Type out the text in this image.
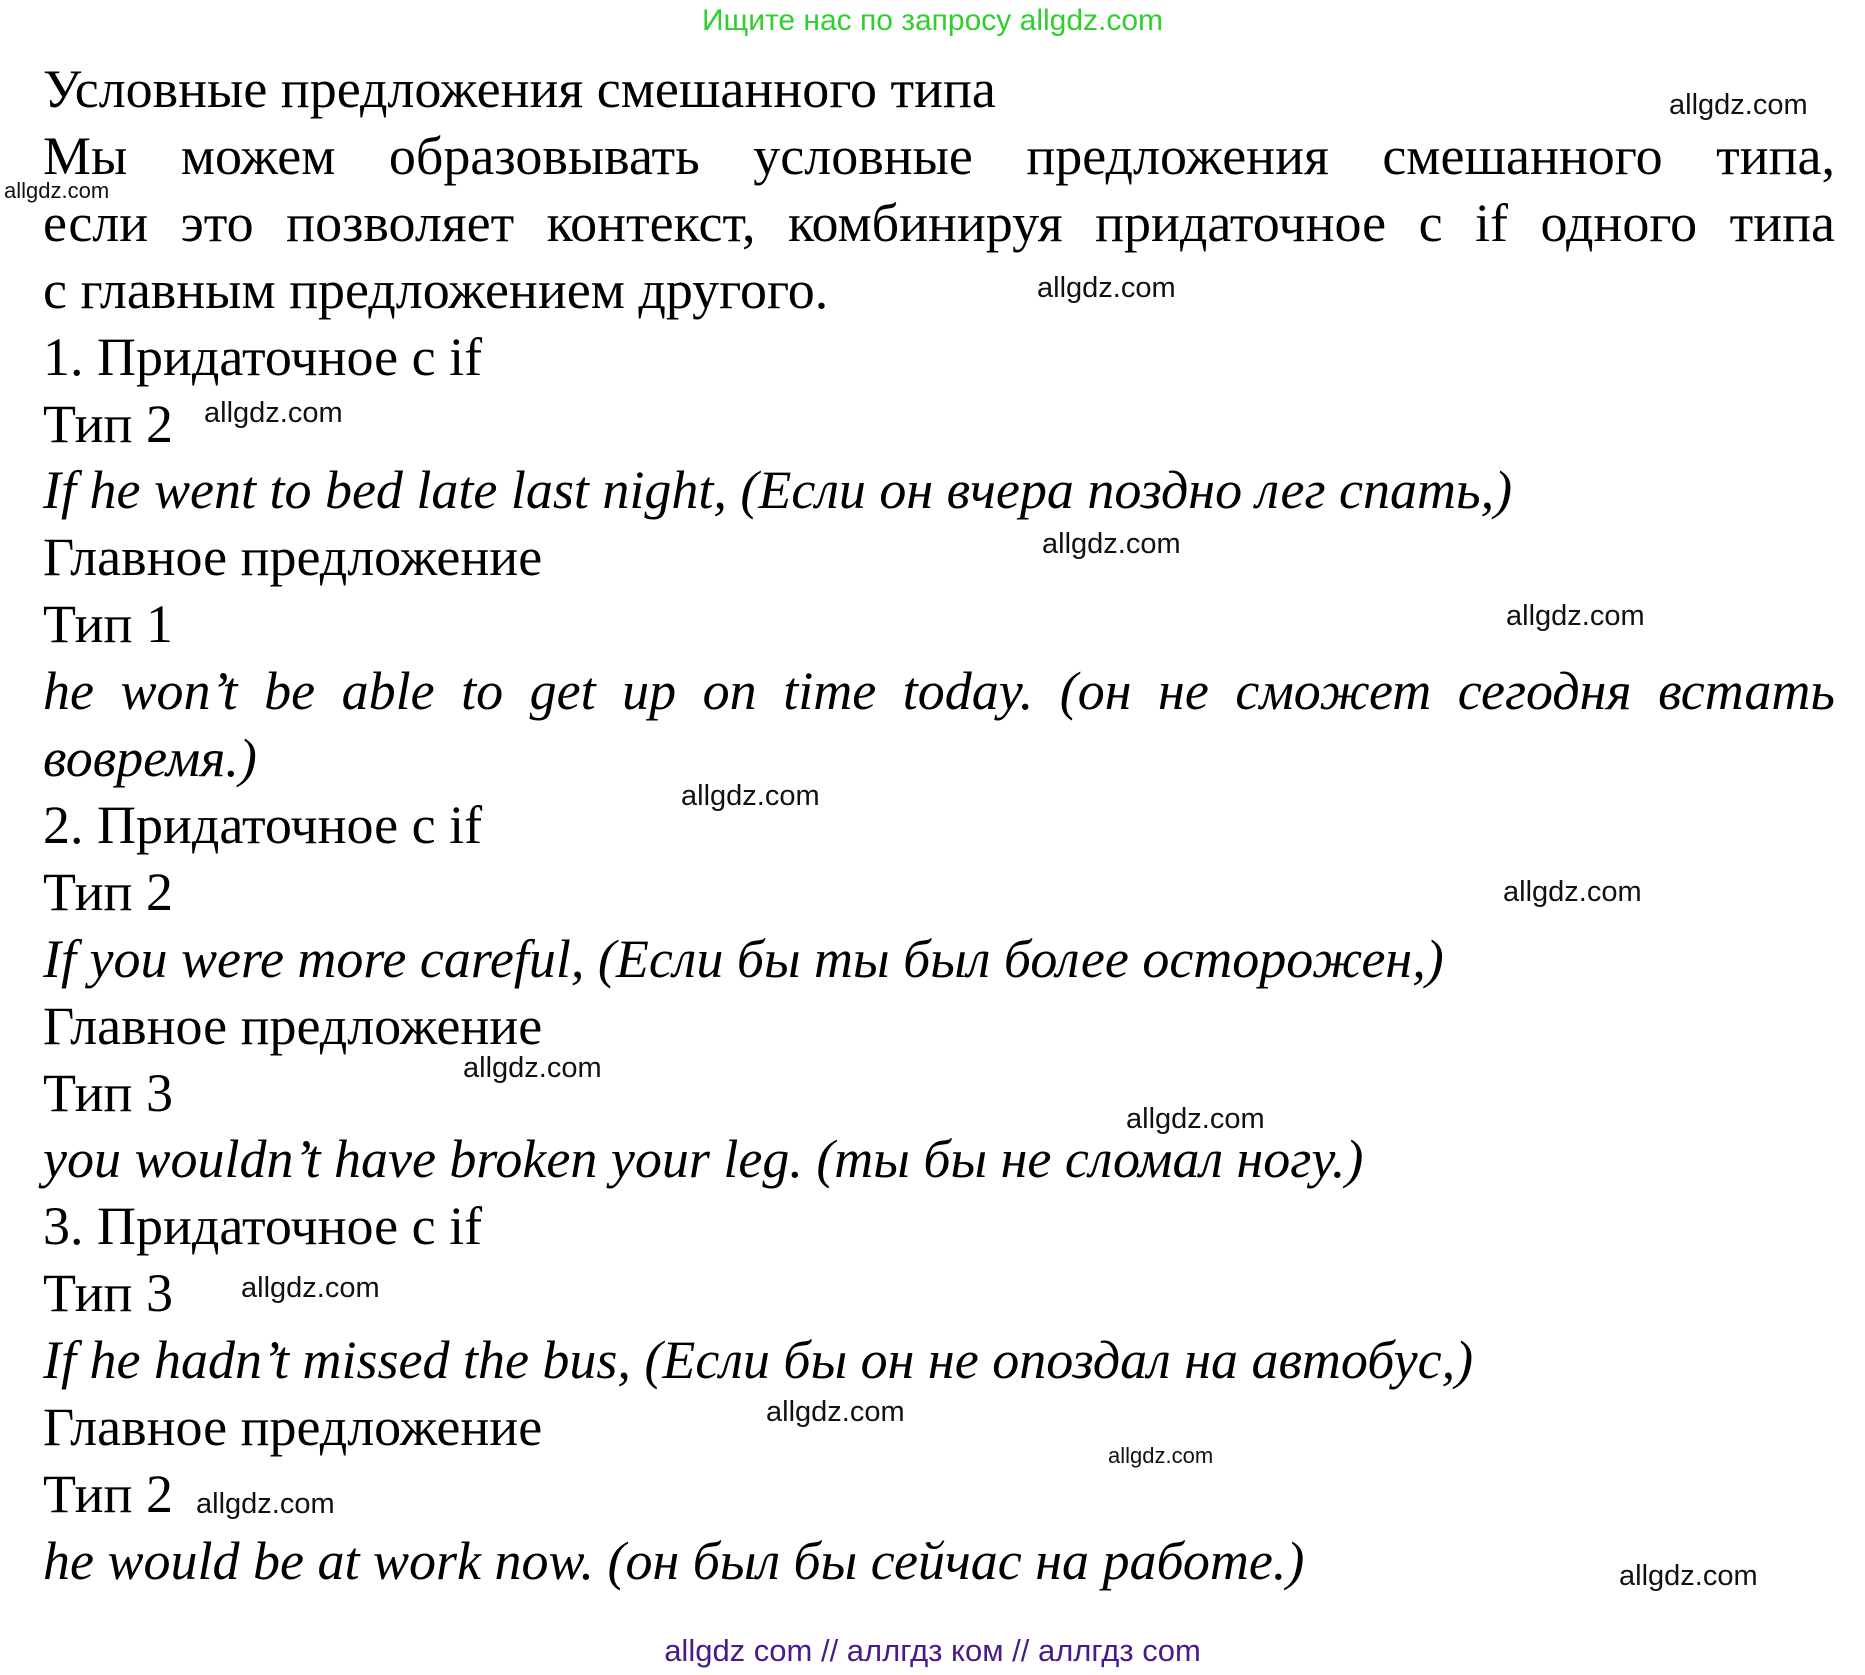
Ищите нас по запросу allgdz.com
Условные предложения смешанного типа
Мы можем образовывать условные предложения смешанного типа,
если это позволяет контекст, комбинируя придаточное с if одного типа
с главным предложением другого.
1. Придаточное с if
Тип 2
If he went to bed late last night, (Если он вчера поздно лег спать,)
Главное предложение
Тип 1
he won’t be able to get up on time today. (он не сможет сегодня встать
вовремя.)
2. Придаточное с if
Тип 2
If you were more careful, (Если бы ты был более осторожен,)
Главное предложение
Тип 3
you wouldn’t have broken your leg. (ты бы не сломал ногу.)
3. Придаточное с if
Тип 3
If he hadn’t missed the bus, (Если бы он не опоздал на автобус,)
Главное предложение
Тип 2
he would be at work now. (он был бы сейчас на работе.)
allgdz.com
allgdz.com
allgdz.com
allgdz.com
allgdz.com
allgdz.com
allgdz.com
allgdz.com
allgdz.com
allgdz.com
allgdz.com
allgdz.com
allgdz.com
allgdz.com
allgdz.com
allgdz com // аллгдз ком // аллгдз com
